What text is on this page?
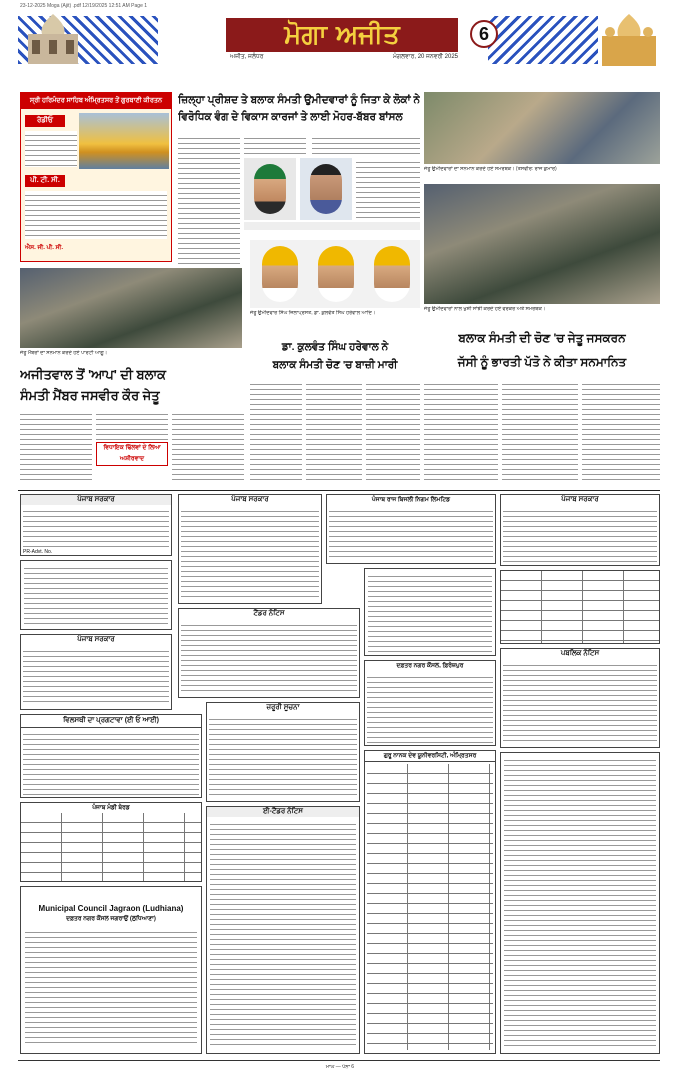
23-12-2025 Moga (Ajit) .pdf 12/19/2025 12:51 AM Page 1
ਮੋਗਾ ਅਜੀਤ
ਅਜੀਤ, ਜਲੰਧਰ	ਮੰਗਲਵਾਰ, 20 ਜਨਵਰੀ 2025
6
ਸ੍ਰੀ ਹਰਿਮੰਦਰ ਸਾਹਿਬ ਅੰਮ੍ਰਿਤਸਰ ਤੋਂ ਗੁਰਬਾਣੀ ਕੀਰਤਨ
ਰੇਡੀਓ
ਪੀ. ਟੀ. ਸੀ.
ਐਸ. ਜੀ. ਪੀ. ਸੀ.
ਜ਼ਿਲ੍ਹਾ ਪ੍ਰੀਸ਼ਦ ਤੇ ਬਲਾਕ ਸੰਮਤੀ ਉਮੀਦਵਾਰਾਂ ਨੂੰ ਜਿਤਾ ਕੇ ਲੋਕਾਂ ਨੇ
ਵਿਰੋਧਿਕ ਵੰਗ ਦੇ ਵਿਕਾਸ ਕਾਰਜਾਂ ਤੇ ਲਾਈ ਮੋਹਰ-ਬੱਬਰ ਬਾਂਸਲ
ਜੇਤੂ ਉਮੀਦਵਾਰਾਂ ਦਾ ਸਨਮਾਨ ਕਰਦੇ ਹੋਏ ਸਮਰਥਕ। (ਤਸਵੀਰ: ਰਾਜ ਕੁਮਾਰ)
ਜੇਤੂ ਉਮੀਦਵਾਰਾਂ ਨਾਲ ਖੁਸ਼ੀ ਸਾਂਝੀ ਕਰਦੇ ਹੋਏ ਵਰਕਰ ਅਤੇ ਸਮਰਥਕ।
ਜੇਤੂ ਮੈਂਬਰਾਂ ਦਾ ਸਨਮਾਨ ਕਰਦੇ ਹੋਏ ਪਾਰਟੀ ਆਗੂ।
ਜੇਤੂ ਉਮੀਦਵਾਰ ਸਿੰਘ ਜਿਲਾਪ੍ਰਸਤ, ਡਾ. ਕੁਲਵੰਤ ਸਿੰਘ ਹਰੇਵਾਲ ਆਦਿ।
ਅਜੀਤਵਾਲ ਤੋਂ 'ਆਪ' ਦੀ ਬਲਾਕ
ਸੰਮਤੀ ਮੈਂਬਰ ਜਸਵੀਰ ਕੌਰ ਜੇਤੂ
ਵਿਧਾਇਕ ਢਿੱਲਵਾਂ ਦੇ ਲਿਆ ਅਸ਼ੀਰਵਾਦ
ਡਾ. ਕੁਲਵੰਤ ਸਿੰਘ ਹਰੇਵਾਲ ਨੇ
ਬਲਾਕ ਸੰਮਤੀ ਚੋਣ 'ਚ ਬਾਜ਼ੀ ਮਾਰੀ
ਬਲਾਕ ਸੰਮਤੀ ਦੀ ਚੋਣ 'ਚ ਜੇਤੂ ਜਸਕਰਨ
ਜੱਸੀ ਨੂੰ ਭਾਰਤੀ ਪੱਤੋ ਨੇ ਕੀਤਾ ਸਨਮਾਨਿਤ
ਪੰਜਾਬ ਸਰਕਾਰ
PR-Advt. No.
ਪੰਜਾਬ ਸਰਕਾਰ
ਵਿਲਸਥੀ ਦਾ ਪ੍ਰਗਟਾਵਾ (ਈ ਓ ਆਈ)
ਪੰਜਾਬ ਮੰਡੀ ਬੋਰਡ
Municipal Council Jagraon (Ludhiana)
ਦਫ਼ਤਰ ਨਗਰ ਕੌਂਸਲ ਜਗਰਾਉਂ (ਲੁਧਿਆਣਾ)
ਪੰਜਾਬ ਸਰਕਾਰ
ਟੈਂਡਰ ਨੋਟਿਸ
ਜ਼ਰੂਰੀ ਸੂਚਨਾ
ਈ-ਟੈਂਡਰ ਨੋਟਿਸ
ਪੰਜਾਬ ਰਾਜ ਬਿਜਲੀ ਨਿਗਮ ਲਿਮਟਿਡ
ਦਫ਼ਤਰ ਨਗਰ ਕੌਂਸਲ, ਫ਼ਿਰੋਜ਼ਪੁਰ
ਗੁਰੂ ਨਾਨਕ ਦੇਵ ਯੂਨੀਵਰਸਿਟੀ, ਅੰਮ੍ਰਿਤਸਰ
ਪੰਜਾਬ ਸਰਕਾਰ
ਪਬਲਿਕ ਨੋਟਿਸ
ਮਾਘ — ਪੰਨਾ 6
